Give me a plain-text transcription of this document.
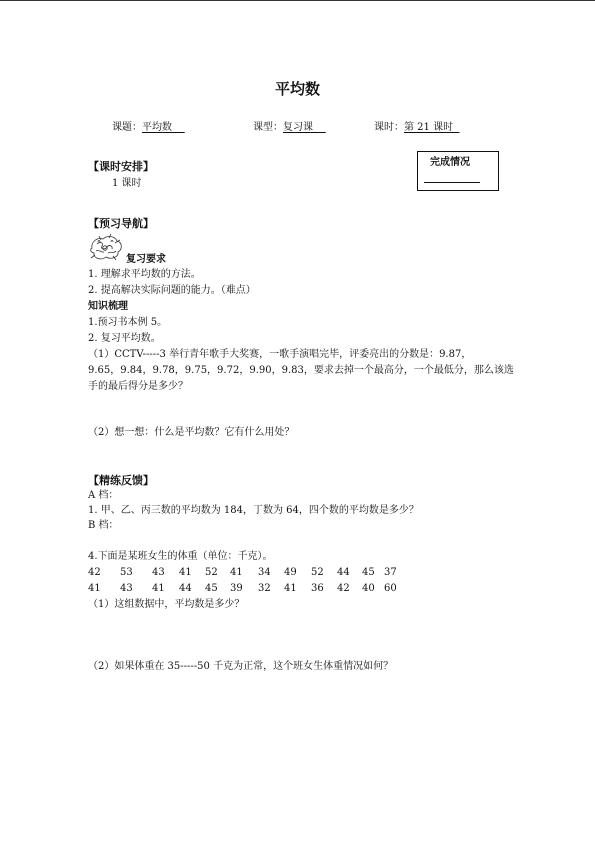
平均数
课题：平均数	课型：复习课	课时：第 21 课时
【课时安排】
1 课时
完成情况
【预习导航】
复习要求
1. 理解求平均数的方法。
2. 提高解决实际问题的能力。（难点）
知识梳理
1.预习书本例 5。
2. 复习平均数。
（1）CCTV-----3 举行青年歌手大奖赛，一歌手演唱完毕，评委亮出的分数是：9.87，
9.65，9.84，9.78，9.75，9.72，9.90，9.83，要求去掉一个最高分，一个最低分，那么该选
手的最后得分是多少？
（2）想一想：什么是平均数？它有什么用处？
【精练反馈】
A 档：
1. 甲、乙、丙三数的平均数为 184，丁数为 64，四个数的平均数是多少？
B 档：
4.下面是某班女生的体重（单位：千克）。
42 53 43 41 52 41 34 49 52 44 45 37
41 43 41 44 45 39 32 41 36 42 40 60
（1）这组数据中，平均数是多少？
（2）如果体重在 35-----50 千克为正常，这个班女生体重情况如何？
